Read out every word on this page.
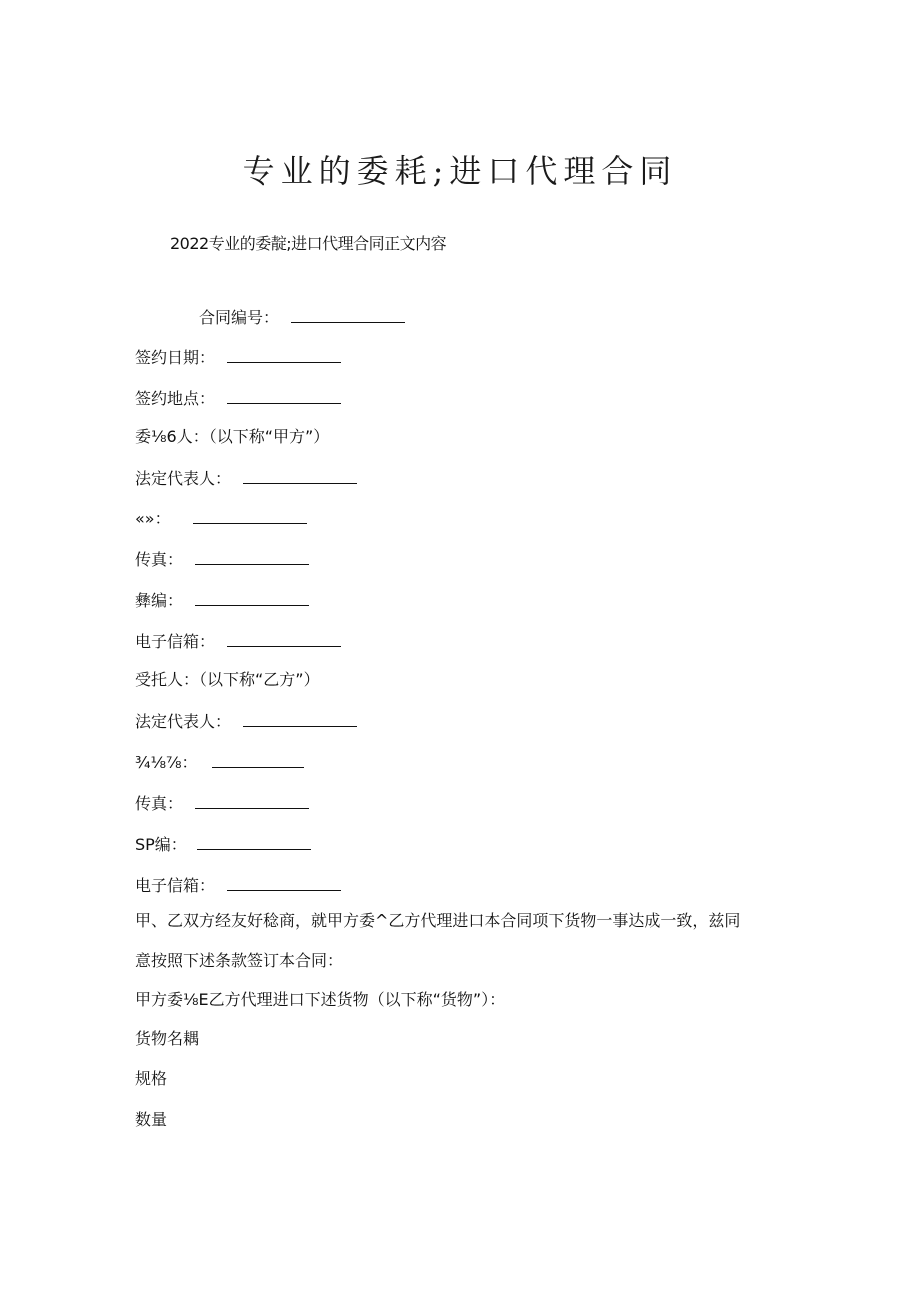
专业的委耗;进口代理合同
2022专业的委靛;进口代理合同正文内容
合同编号：
签约日期：
签约地点：
委⅛6人：（以下称“甲方”）
法定代表人：
«»：
传真：
彝编：
电子信箱：
受托人：（以下称“乙方”）
法定代表人：
¾⅛⅞：
传真：
SP编：
电子信箱：
甲、乙双方经友好稔商，就甲方委^乙方代理进口本合同项下货物一事达成一致，兹同
意按照下述条款签订本合同：
甲方委⅛E乙方代理进口下述货物（以下称“货物”）：
货物名耦
规格
数量
